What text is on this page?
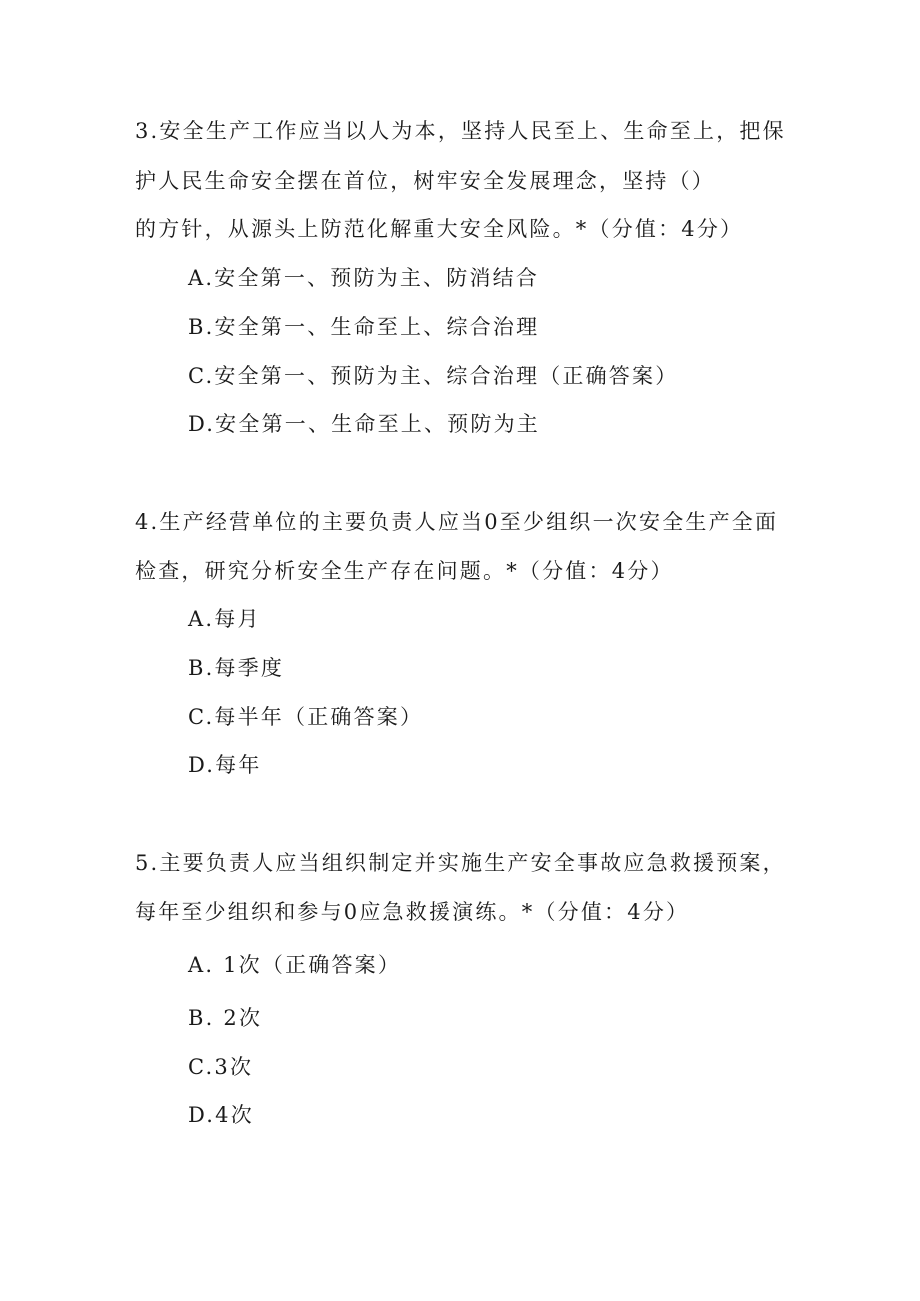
3.安全生产工作应当以人为本，坚持人民至上、生命至上，把保
护人民生命安全摆在首位，树牢安全发展理念，坚持（）
的方针，从源头上防范化解重大安全风险。*（分值：4分）
A.安全第一、预防为主、防消结合
B.安全第一、生命至上、综合治理
C.安全第一、预防为主、综合治理（正确答案）
D.安全第一、生命至上、预防为主
4.生产经营单位的主要负责人应当0至少组织一次安全生产全面
检查，研究分析安全生产存在问题。*（分值：4分）
A.每月
B.每季度
C.每半年（正确答案）
D.每年
5.主要负责人应当组织制定并实施生产安全事故应急救援预案，
每年至少组织和参与0应急救援演练。*（分值：4分）
A. 1次（正确答案）
B. 2次
C.3次
D.4次
